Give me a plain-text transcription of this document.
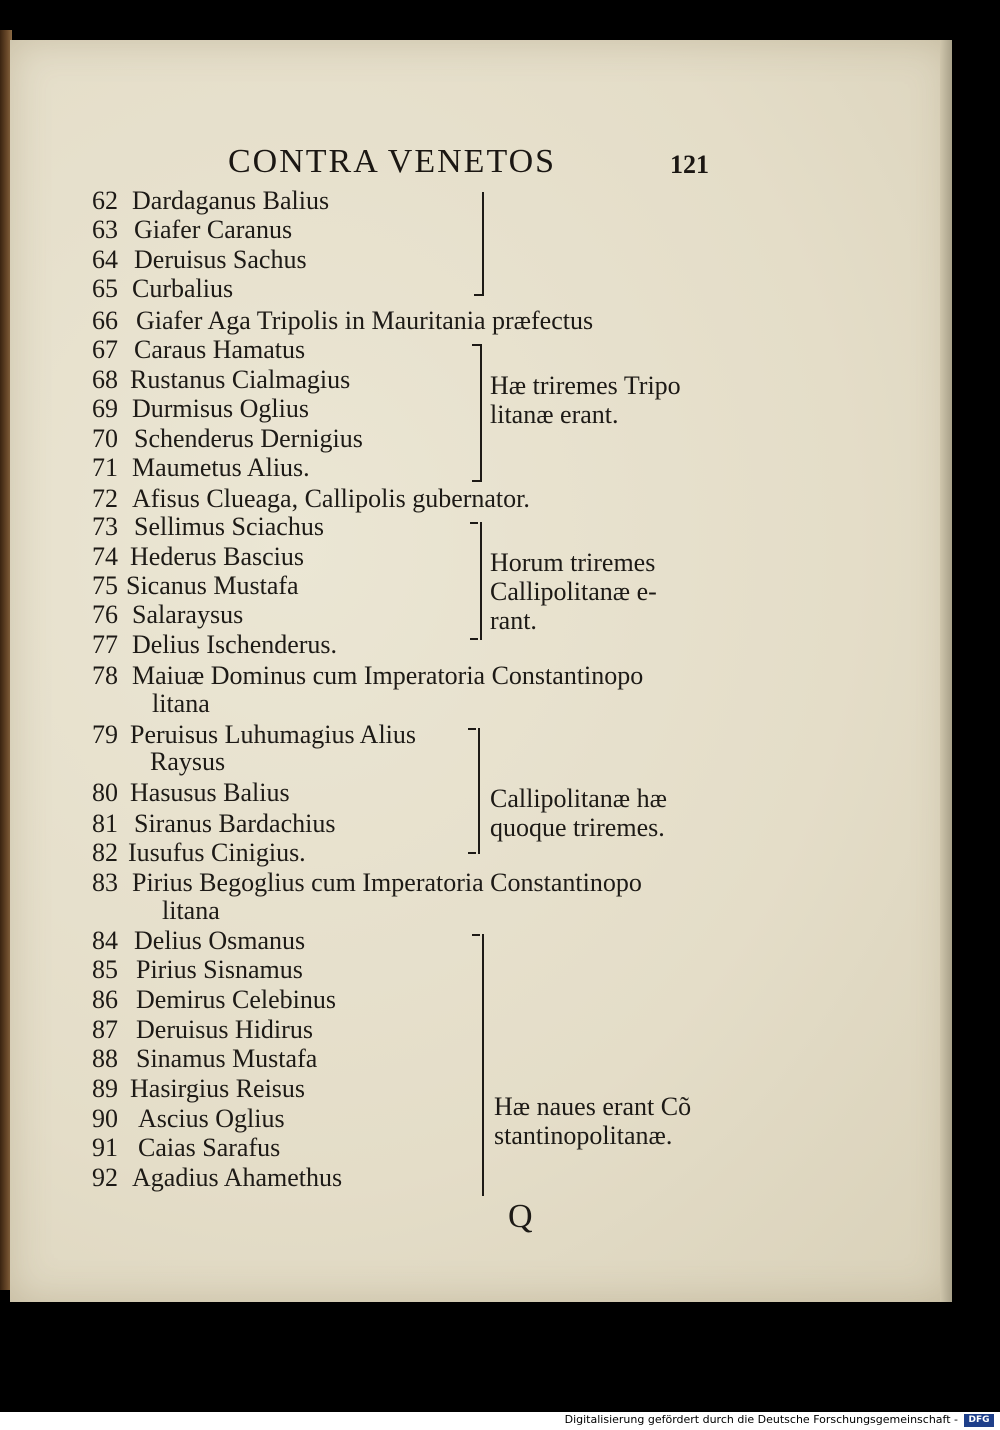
CONTRA VENETOS	121
62 Dardaganus Balius
63 Giafer Caranus
64 Deruisus Sachus
65 Curbalius
66 Giafer Aga Tripolis in Mauritania præfectus
67 Caraus Hamatus
68 Rustanus Cialmagius
69 Durmisus Oglius
70 Schenderus Dernigius
71 Maumetus Alius.
72 Afisus Clueaga, Callipolis gubernator.
73 Sellimus Sciachus
74 Hederus Bascius
75 Sicanus Mustafa
76 Salaraysus
77 Delius Ischenderus.
78 Maiuæ Dominus cum Imperatoria Constantinopo
litana
79 Peruisus Luhumagius Alius
Raysus
80 Hasusus Balius
81 Siranus Bardachius
82 Iusufus Cinigius.
83 Pirius Begoglius cum Imperatoria Constantinopo
litana
84 Delius Osmanus
85 Pirius Sisnamus
86 Demirus Celebinus
87 Deruisus Hidirus
88 Sinamus Mustafa
89 Hasirgius Reisus
90 Ascius Oglius
91 Caias Sarafus
92 Agadius Ahamethus
Hæ triremes Tripo
litanæ erant.
Horum triremes
Callipolitanæ e-
rant.
Callipolitanæ hæ
quoque triremes.
Hæ naues erant Cõ
stantinopolitanæ.
Q
Digitalisierung gefördert durch die Deutsche Forschungsgemeinschaft -	DFG
